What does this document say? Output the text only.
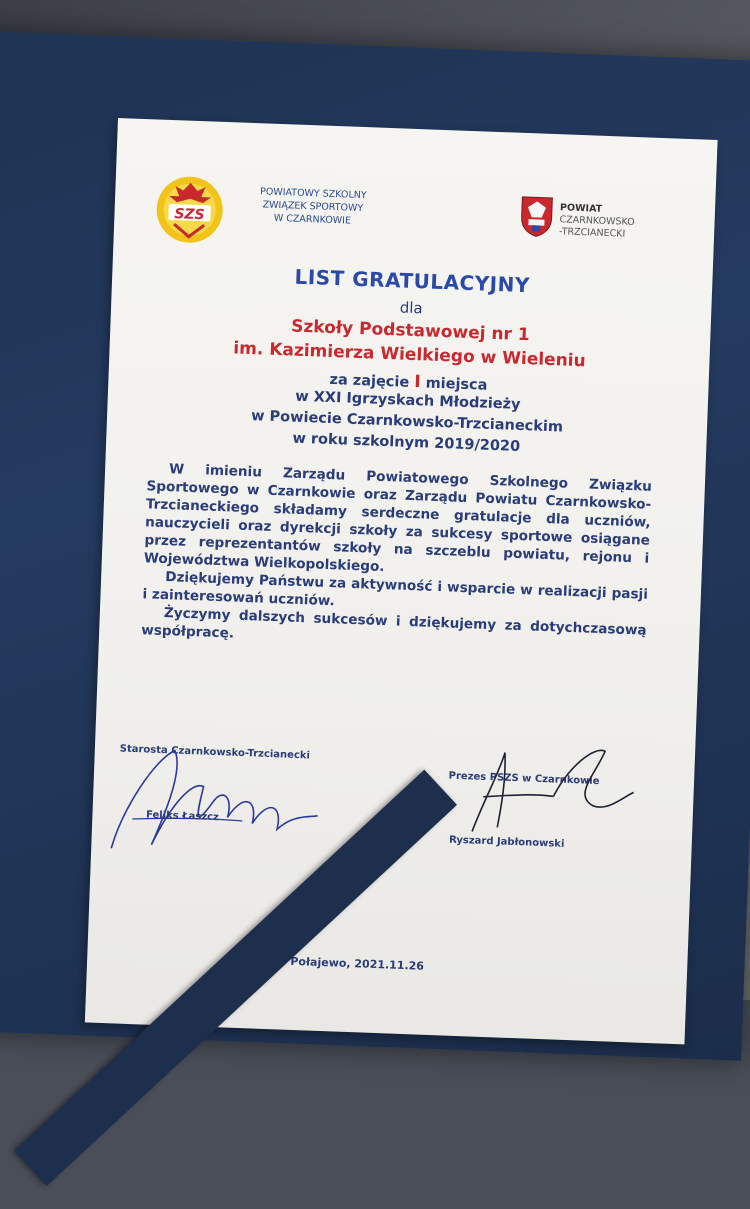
SZS
POWIATOWY SZKOLNY
ZWIĄZEK SPORTOWY
W CZARNKOWIE
POWIAT
CZARNKOWSKO
-TRZCIANECKI
LIST GRATULACYJNY
dla
Szkoły Podstawowej nr 1
im. Kazimierza Wielkiego w Wieleniu
za zajęcie I miejsca
w XXI Igrzyskach Młodzieży
w Powiecie Czarnkowsko-Trzcianeckim
w roku szkolnym 2019/2020

W imieniu Zarządu Powiatowego Szkolnego Związku Sportowego w Czarnkowie oraz Zarządu Powiatu Czarnkowsko-Trzcianeckiego składamy serdeczne gratulacje dla uczniów, nauczycieli oraz dyrekcji szkoły za sukcesy sportowe osiągane przez reprezentantów szkoły na szczeblu powiatu, rejonu i Województwa Wielkopolskiego.

Dziękujemy Państwu za aktywność i wsparcie w realizacji pasji i zainteresowań uczniów.

Życzymy dalszych sukcesów i dziękujemy za dotychczasową współpracę.

Starosta Czarnkowsko-Trzcianecki
Feliks Łaszcz
Prezes PSZS w Czarnkowie
Ryszard Jabłonowski
Połajewo, 2021.11.26
